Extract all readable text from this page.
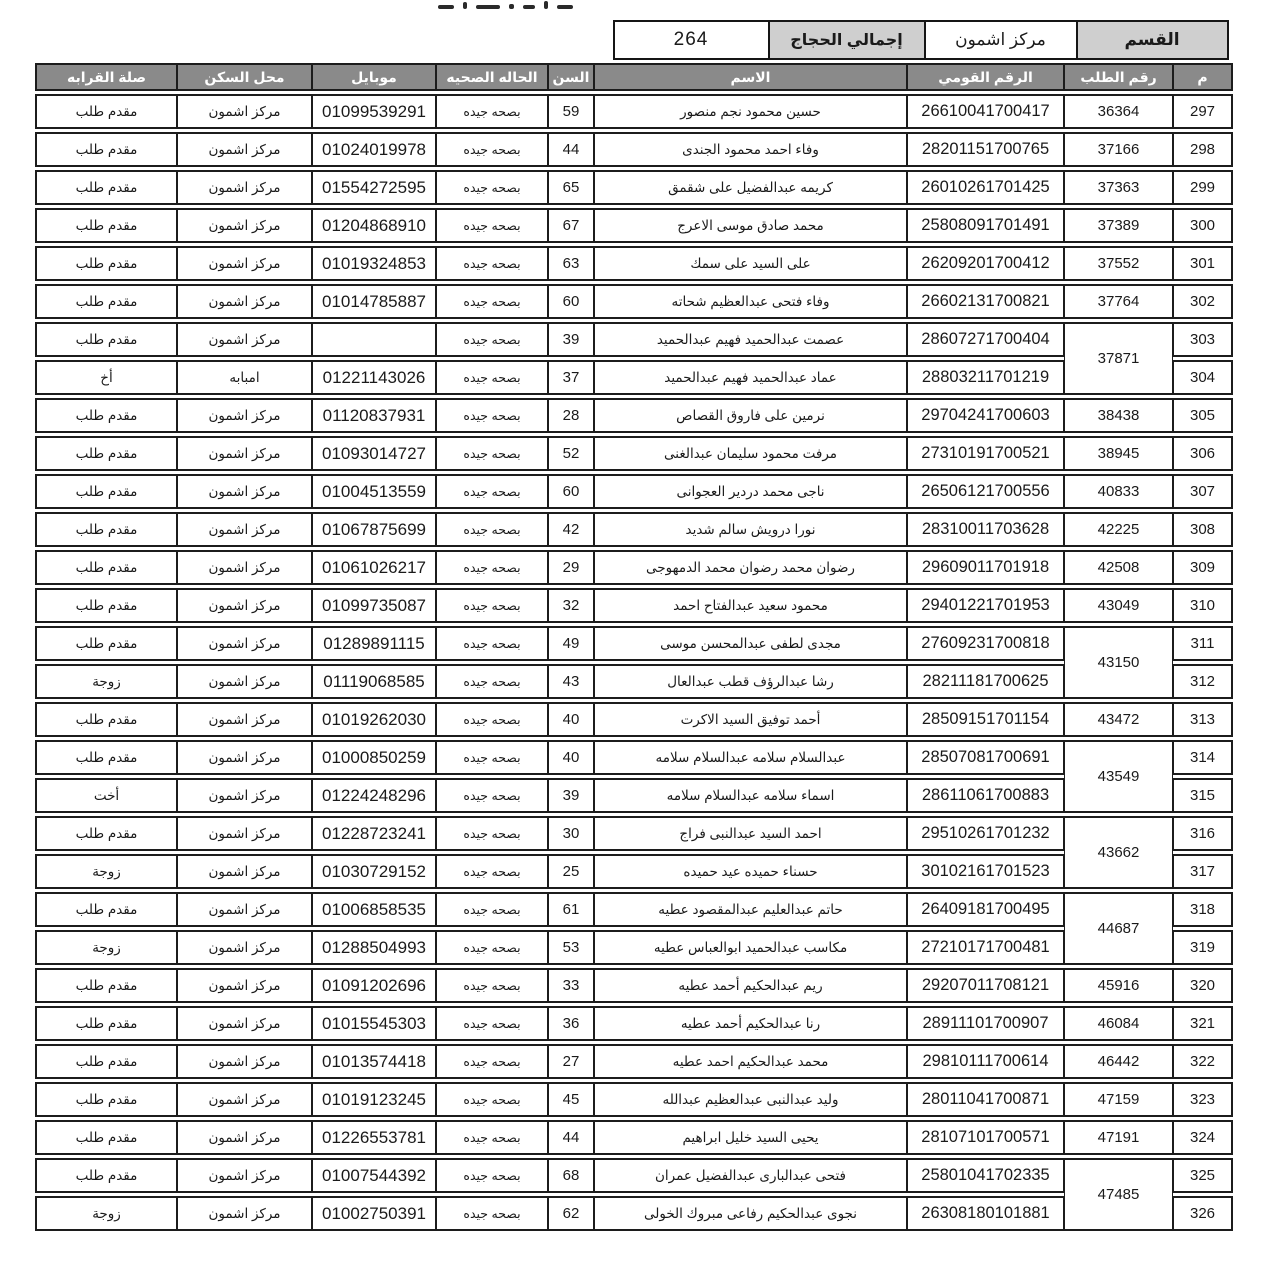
القسم
مركز اشمون
إجمالي الحجاج
264
م
رقم الطلب
الرقم القومي
الاسم
السن
الحاله الصحيه
موبايل
محل السكن
صلة القرابه
297
36364
26610041700417
حسين محمود نجم منصور
59
بصحه جيده
01099539291
مركز اشمون
مقدم طلب
298
37166
28201151700765
وفاء احمد محمود الجندى
44
بصحه جيده
01024019978
مركز اشمون
مقدم طلب
299
37363
26010261701425
كريمه عبدالفضيل على شقمق
65
بصحه جيده
01554272595
مركز اشمون
مقدم طلب
300
37389
25808091701491
محمد صادق موسى الاعرج
67
بصحه جيده
01204868910
مركز اشمون
مقدم طلب
301
37552
26209201700412
على السيد على سمك
63
بصحه جيده
01019324853
مركز اشمون
مقدم طلب
302
37764
26602131700821
وفاء فتحى عبدالعظيم شحاته
60
بصحه جيده
01014785887
مركز اشمون
مقدم طلب
303
37871
28607271700404
عصمت عبدالحميد فهيم عبدالحميد
39
بصحه جيده
مركز اشمون
مقدم طلب
304
28803211701219
عماد عبدالحميد فهيم عبدالحميد
37
بصحه جيده
01221143026
امبابه
أخ
305
38438
29704241700603
نرمين على فاروق القصاص
28
بصحه جيده
01120837931
مركز اشمون
مقدم طلب
306
38945
27310191700521
مرفت محمود سليمان عبدالغنى
52
بصحه جيده
01093014727
مركز اشمون
مقدم طلب
307
40833
26506121700556
ناجى محمد دردير العجوانى
60
بصحه جيده
01004513559
مركز اشمون
مقدم طلب
308
42225
28310011703628
نورا درويش سالم شديد
42
بصحه جيده
01067875699
مركز اشمون
مقدم طلب
309
42508
29609011701918
رضوان محمد رضوان محمد الدمهوجى
29
بصحه جيده
01061026217
مركز اشمون
مقدم طلب
310
43049
29401221701953
محمود سعيد عبدالفتاح احمد
32
بصحه جيده
01099735087
مركز اشمون
مقدم طلب
311
43150
27609231700818
مجدى لطفى عبدالمحسن موسى
49
بصحه جيده
01289891115
مركز اشمون
مقدم طلب
312
28211181700625
رشا عبدالرؤف قطب عبدالعال
43
بصحه جيده
01119068585
مركز اشمون
زوجة
313
43472
28509151701154
أحمد توفيق السيد الاكرت
40
بصحه جيده
01019262030
مركز اشمون
مقدم طلب
314
43549
28507081700691
عبدالسلام سلامه عبدالسلام سلامه
40
بصحه جيده
01000850259
مركز اشمون
مقدم طلب
315
28611061700883
اسماء سلامه عبدالسلام سلامه
39
بصحه جيده
01224248296
مركز اشمون
أخت
316
43662
29510261701232
احمد السيد عبدالنبى فراج
30
بصحه جيده
01228723241
مركز اشمون
مقدم طلب
317
30102161701523
حسناء حميده عيد حميده
25
بصحه جيده
01030729152
مركز اشمون
زوجة
318
44687
26409181700495
حاتم عبدالعليم عبدالمقصود عطيه
61
بصحه جيده
01006858535
مركز اشمون
مقدم طلب
319
27210171700481
مكاسب عبدالحميد ابوالعباس عطيه
53
بصحه جيده
01288504993
مركز اشمون
زوجة
320
45916
29207011708121
ريم عبدالحكيم أحمد عطيه
33
بصحه جيده
01091202696
مركز اشمون
مقدم طلب
321
46084
28911101700907
رنا عبدالحكيم أحمد عطيه
36
بصحه جيده
01015545303
مركز اشمون
مقدم طلب
322
46442
29810111700614
محمد عبدالحكيم احمد عطيه
27
بصحه جيده
01013574418
مركز اشمون
مقدم طلب
323
47159
28011041700871
وليد عبدالنبى عبدالعظيم عبدالله
45
بصحه جيده
01019123245
مركز اشمون
مقدم طلب
324
47191
28107101700571
يحيى السيد خليل ابراهيم
44
بصحه جيده
01226553781
مركز اشمون
مقدم طلب
325
47485
25801041702335
فتحى عبدالبارى عبدالفضيل عمران
68
بصحه جيده
01007544392
مركز اشمون
مقدم طلب
326
26308180101881
نجوى عبدالحكيم رفاعى مبروك الخولى
62
بصحه جيده
01002750391
مركز اشمون
زوجة
